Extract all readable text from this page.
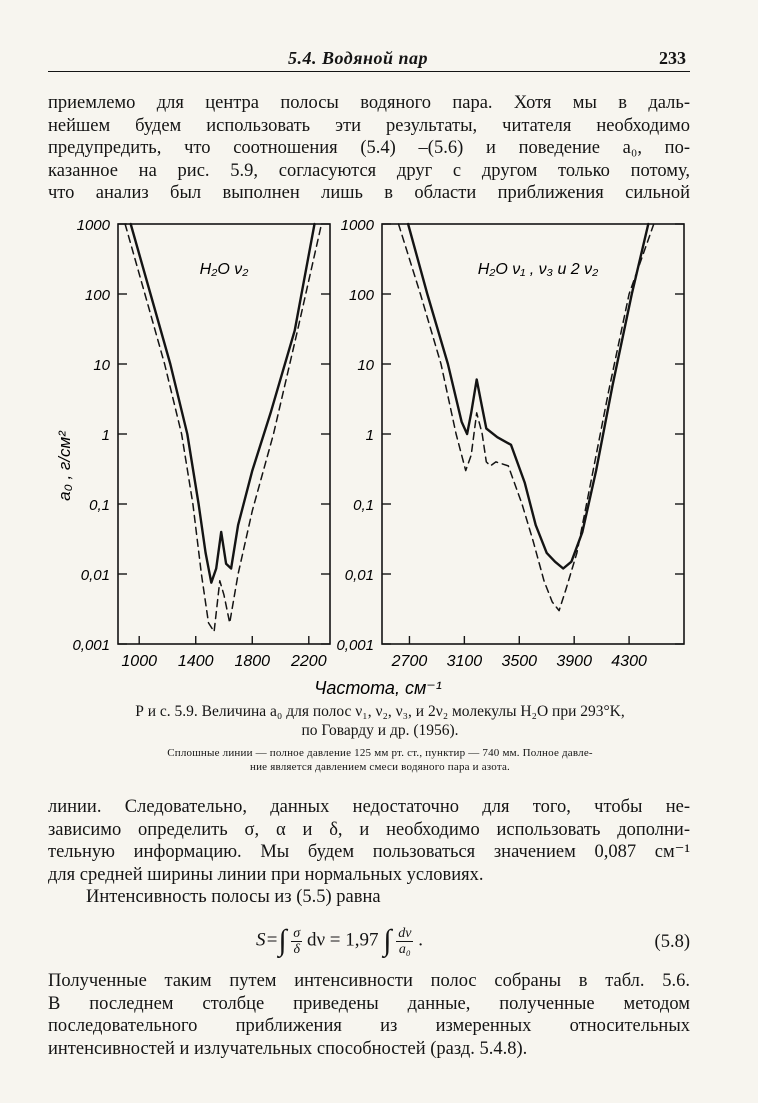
5.4. Водяной пар	233
приемлемо для центра полосы водяного пара. Хотя мы в даль-
нейшем будем использовать эти результаты, читателя необходимо
предупредить, что соотношения (5.4) –(5.6) и поведение a₀, по-
казанное на рис. 5.9, согласуются друг с другом только потому,
что анализ был выполнен лишь в области приближения сильной
a₀ , г/см²
Частота, см⁻¹
1000
100
10
1
0,1
0,01
0,001
1000 1400 1800 2200
H₂O ν₂
1000
100
10
1
0,1
0,01
0,001
2700 3100 3500 3900 4300
H₂O ν₁ , ν₃ и 2 ν₂
Р и с. 5.9. Величина a₀ для полос ν₁, ν₂, ν₃, и 2ν₂ молекулы H₂O при 293°K,
по Говарду и др. (1956).
Сплошные линии — полное давление 125 мм рт. ст., пунктир — 740 мм. Полное давле-
ние является давлением смеси водяного пара и азота.
линии. Следовательно, данных недостаточно для того, чтобы не-
зависимо определить σ, α и δ, и необходимо использовать дополни-
тельную информацию. Мы будем пользоваться значением 0,087 см⁻¹
для средней ширины линии при нормальных условиях.
Интенсивность полосы из (5.5) равна
$S=\int \frac{\sigma}{\delta}$ dν = 1,97 ∫ $\frac{d\nu}{\text{a₀}}$ .	(5.8)
Полученные таким путем интенсивности полос собраны в табл. 5.6.
В последнем столбце приведены данные, полученные методом
последовательного приближения из измеренных относительных
интенсивностей и излучательных способностей (разд. 5.4.8).
